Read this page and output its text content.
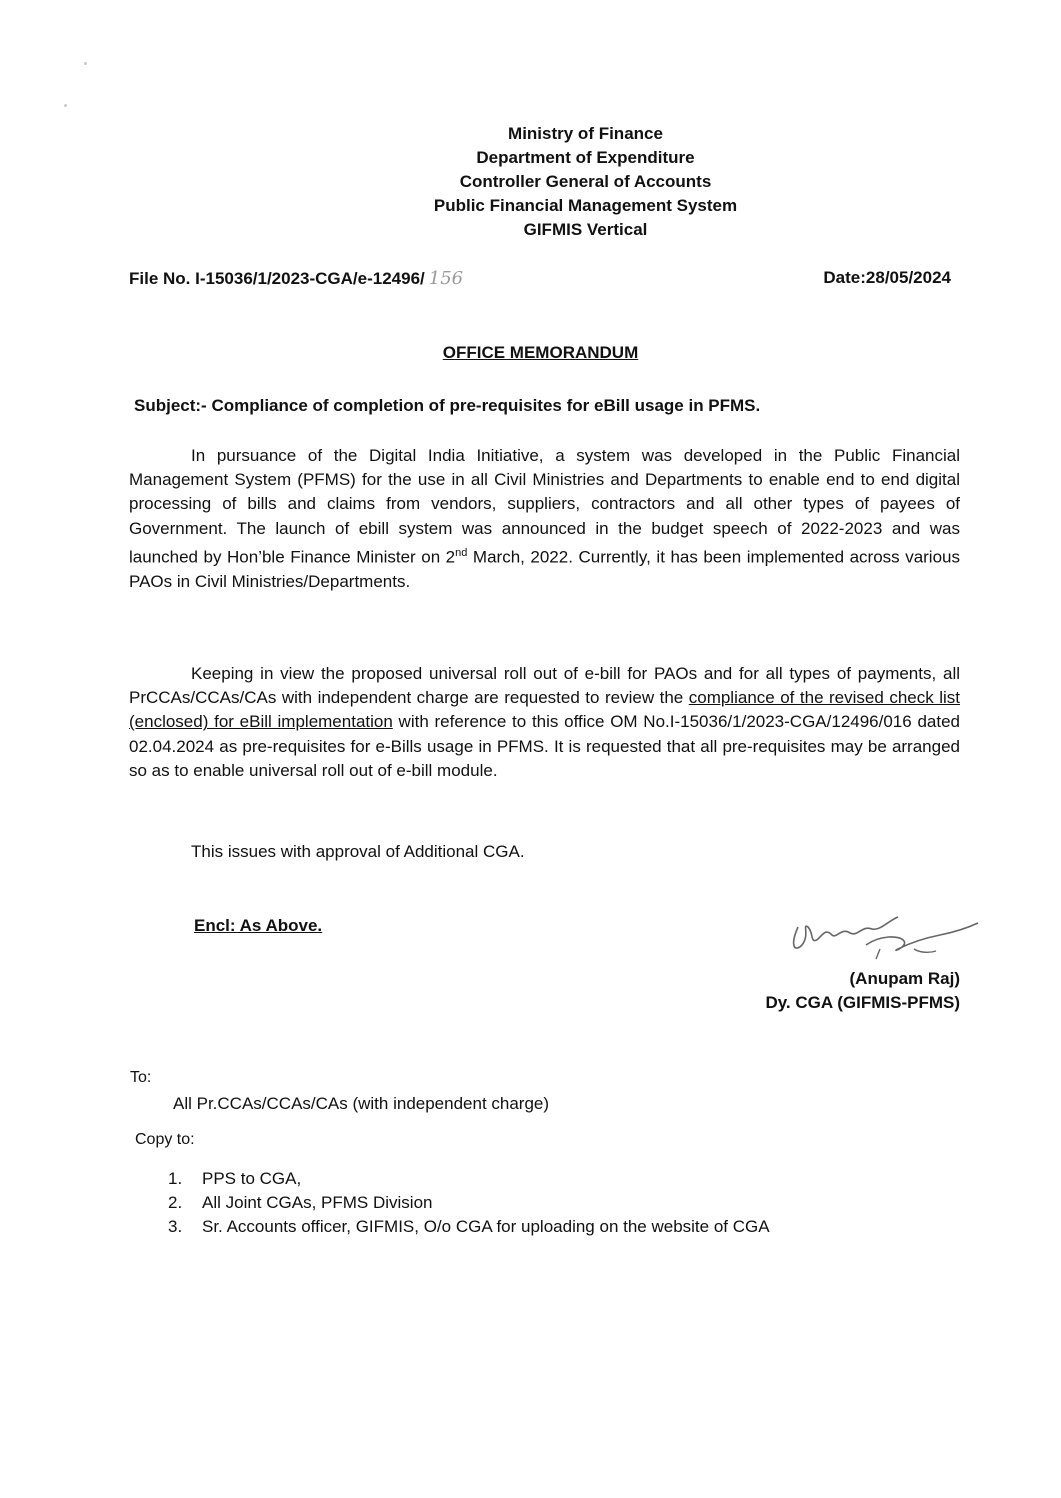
Ministry of Finance
Department of Expenditure
Controller General of Accounts
Public Financial Management System
GIFMIS Vertical
File No. I-15036/1/2023-CGA/e-12496/ 156	Date:28/05/2024
OFFICE MEMORANDUM
Subject:- Compliance of completion of pre-requisites for eBill usage in PFMS.

In pursuance of the Digital India Initiative, a system was developed in the Public Financial Management System (PFMS) for the use in all Civil Ministries and Departments to enable end to end digital processing of bills and claims from vendors, suppliers, contractors and all other types of payees of Government. The launch of ebill system was announced in the budget speech of 2022-2023 and was launched by Hon’ble Finance Minister on 2nd March, 2022. Currently, it has been implemented across various PAOs in Civil Ministries/Departments.

Keeping in view the proposed universal roll out of e-bill for PAOs and for all types of payments, all PrCCAs/CCAs/CAs with independent charge are requested to review the compliance of the revised check list (enclosed) for eBill implementation with reference to this office OM No.I-15036/1/2023-CGA/12496/016 dated 02.04.2024 as pre-requisites for e-Bills usage in PFMS. It is requested that all pre-requisites may be arranged so as to enable universal roll out of e-bill module.

This issues with approval of Additional CGA.
Encl: As Above.
(Anupam Raj)
Dy. CGA (GIFMIS-PFMS)
To:
All Pr.CCAs/CCAs/CAs (with independent charge)
Copy to:
1. PPS to CGA,
2. All Joint CGAs, PFMS Division
3. Sr. Accounts officer, GIFMIS, O/o CGA for uploading on the website of CGA
